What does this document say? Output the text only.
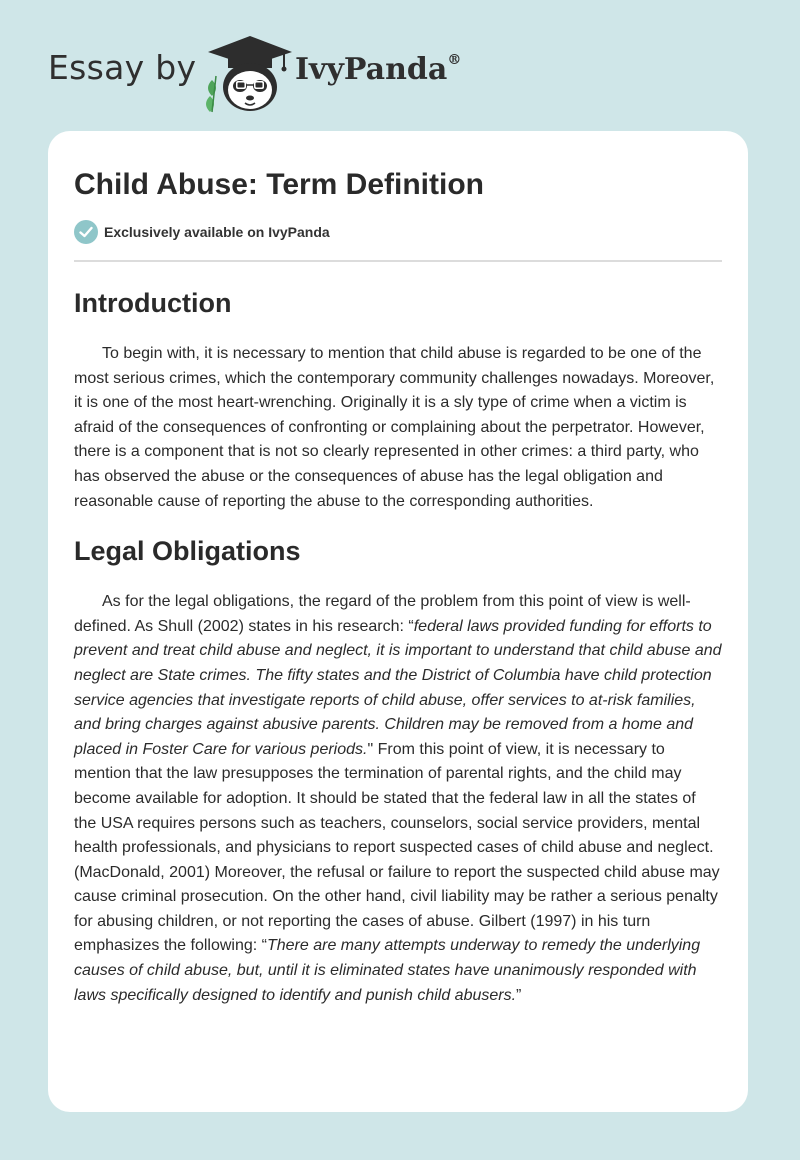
Essay by	IvyPanda®
Child Abuse: Term Definition
Exclusively available on IvyPanda
Introduction

To begin with, it is necessary to mention that child abuse is regarded to be one of the most serious crimes, which the contemporary community challenges nowadays. Moreover, it is one of the most heart-wrenching. Originally it is a sly type of crime when a victim is afraid of the consequences of confronting or complaining about the perpetrator. However, there is a component that is not so clearly represented in other crimes: a third party, who has observed the abuse or the consequences of abuse has the legal obligation and reasonable cause of reporting the abuse to the corresponding authorities.

Legal Obligations

As for the legal obligations, the regard of the problem from this point of view is well-defined. As Shull (2002) states in his research: “federal laws provided funding for efforts to prevent and treat child abuse and neglect, it is important to understand that child abuse and neglect are State crimes. The fifty states and the District of Columbia have child protection service agencies that investigate reports of child abuse, offer services to at-risk families, and bring charges against abusive parents. Children may be removed from a home and placed in Foster Care for various periods." From this point of view, it is necessary to mention that the law presupposes the termination of parental rights, and the child may become available for adoption. It should be stated that the federal law in all the states of the USA requires persons such as teachers, counselors, social service providers, mental health professionals, and physicians to report suspected cases of child abuse and neglect. (MacDonald, 2001) Moreover, the refusal or failure to report the suspected child abuse may cause criminal prosecution. On the other hand, civil liability may be rather a serious penalty for abusing children, or not reporting the cases of abuse. Gilbert (1997) in his turn emphasizes the following: “There are many attempts underway to remedy the underlying causes of child abuse, but, until it is eliminated states have unanimously responded with laws specifically designed to identify and punish child abusers.”
